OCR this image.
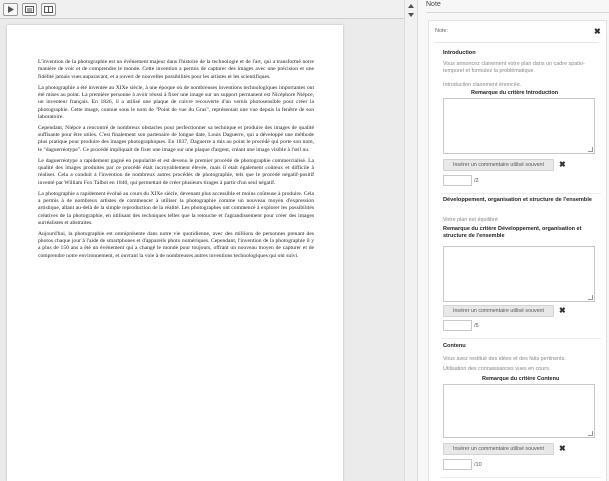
L'invention de la photographie est un événement majeur dans l'histoire de la technologie et de l'art, qui a transformé notre manière de voir et de comprendre le monde. Cette invention a permis de capturer des images avec une précision et une fidélité jamais vues auparavant, et a ouvert de nouvelles possibilités pour les artistes et les scientifiques.

La photographie a été inventée au XIXe siècle, à une époque où de nombreuses inventions technologiques importantes ont été mises au point. La première personne à avoir réussi à fixer une image sur un support permanent est Nicéphore Niépce, un inventeur français. En 1826, il a utilisé une plaque de cuivre recouverte d'un vernis photosensible pour créer la photographie. Cette image, connue sous le nom de "Point de vue du Gras", représentait une vue depuis la fenêtre de son laboratoire.

Cependant, Niépce a rencontré de nombreux obstacles pour perfectionner sa technique et produire des images de qualité suffisante pour être utiles. C'est finalement son partenaire de longue date, Louis Daguerre, qui a développé une méthode plus pratique pour produire des images photographiques. En 1837, Daguerre a mis au point le procédé qui porte son nom, le "daguerréotype". Ce procédé impliquait de fixer une image sur une plaque d'argent, créant une image visible à l'œil nu.

Le daguerréotype a rapidement gagné en popularité et est devenu le premier procédé de photographie commercialisé. La qualité des images produites par ce procédé était incroyablement élevée, mais il était également coûteux et difficile à réaliser. Cela a conduit à l'invention de nombreux autres procédés de photographie, tels que le procédé négatif-positif inventé par William Fox Talbot en 1840, qui permettait de créer plusieurs tirages à partir d'un seul négatif.

La photographie a rapidement évolué au cours du XIXe siècle, devenant plus accessible et moins coûteuse à produire. Cela a permis à de nombreux artistes de commencer à utiliser la photographie comme un nouveau moyen d'expression artistique, allant au-delà de la simple reproduction de la réalité. Les photographes ont commencé à explorer les possibilités créatives de la photographie, en utilisant des techniques telles que la retouche et l'agrandissement pour créer des images surréalistes et abstraites.

Aujourd'hui, la photographie est omniprésente dans notre vie quotidienne, avec des millions de personnes prenant des photos chaque jour à l'aide de smartphones et d'appareils photo numériques. Cependant, l'invention de la photographie il y a plus de 150 ans a été un événement qui a changé le monde pour toujours, offrant un nouveau moyen de capturer et de comprendre notre environnement, et ouvrant la voie à de nombreuses autres inventions technologiques qui ont suivi.

Note
Note:	✖
Introduction
Vous annoncez clairement votre plan dans un cadre spatio-temporel et formulez la problématique.
Introduction clairement énoncée.
Remarque du critère Introduction
Insérer un commentaire utilisé souvent	✖
/2
Développement, organisation et structure de l'ensemble
Votre plan est équilibré
Remarque du critère Développement, organisation et structure de l'ensemble
Insérer un commentaire utilisé souvent	✖
/5
Contenu
Vous avez restitué des idées et des faits pertinents.
Utilisation des connaissances vues en cours.
Remarque du critère Contenu
Insérer un commentaire utilisé souvent	✖
/10
